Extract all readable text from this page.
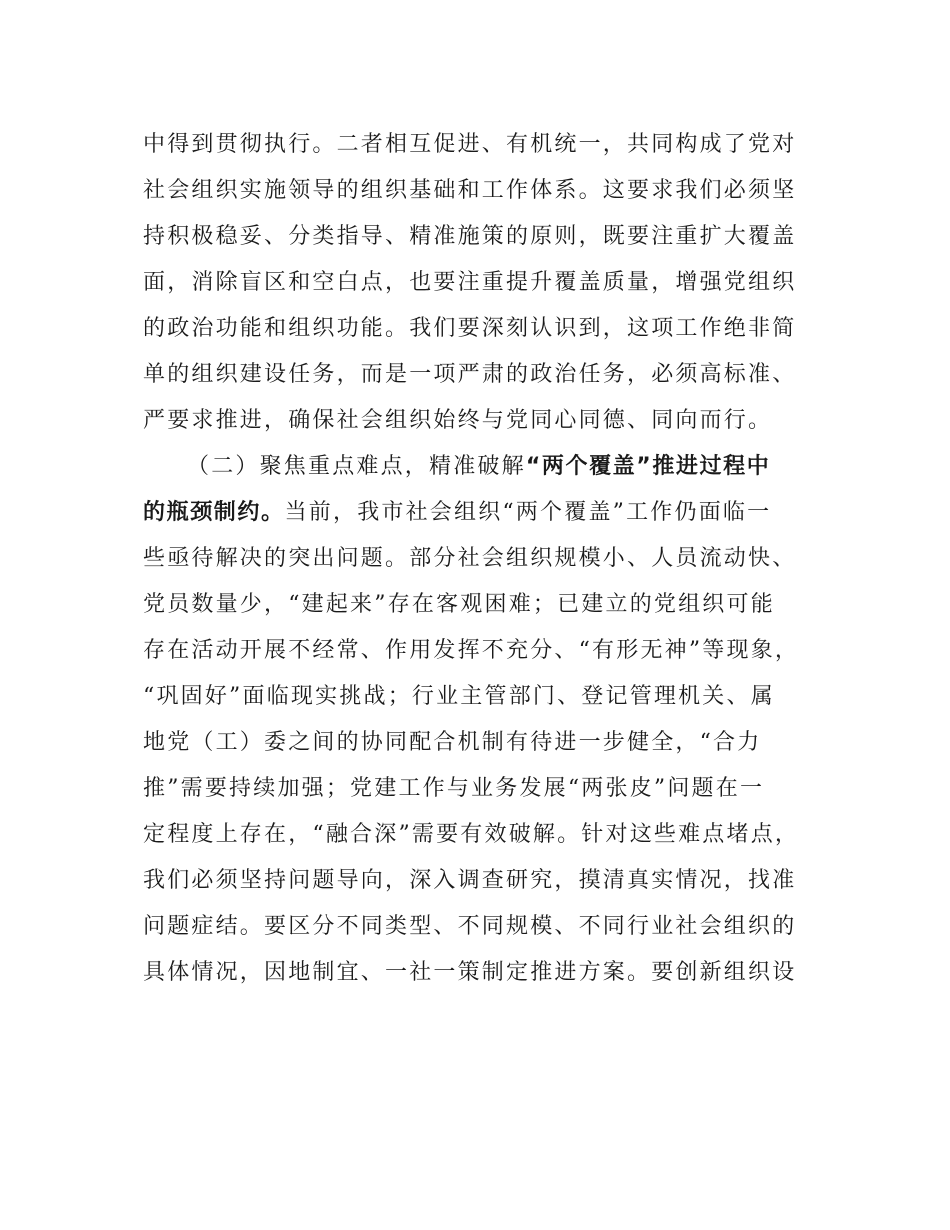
中得到贯彻执行。二者相互促进、有机统一，共同构成了党对
社会组织实施领导的组织基础和工作体系。这要求我们必须坚
持积极稳妥、分类指导、精准施策的原则，既要注重扩大覆盖
面，消除盲区和空白点，也要注重提升覆盖质量，增强党组织
的政治功能和组织功能。我们要深刻认识到，这项工作绝非简
单的组织建设任务，而是一项严肃的政治任务，必须高标准、
严要求推进，确保社会组织始终与党同心同德、同向而行。
（二）聚焦重点难点，精准破解“两个覆盖”推进过程中
的瓶颈制约。当前，我市社会组织“两个覆盖”工作仍面临一
些亟待解决的突出问题。部分社会组织规模小、人员流动快、
党员数量少，“建起来”存在客观困难；已建立的党组织可能
存在活动开展不经常、作用发挥不充分、“有形无神”等现象，
“巩固好”面临现实挑战；行业主管部门、登记管理机关、属
地党（工）委之间的协同配合机制有待进一步健全，“合力
推”需要持续加强；党建工作与业务发展“两张皮”问题在一
定程度上存在，“融合深”需要有效破解。针对这些难点堵点，
我们必须坚持问题导向，深入调查研究，摸清真实情况，找准
问题症结。要区分不同类型、不同规模、不同行业社会组织的
具体情况，因地制宜、一社一策制定推进方案。要创新组织设
